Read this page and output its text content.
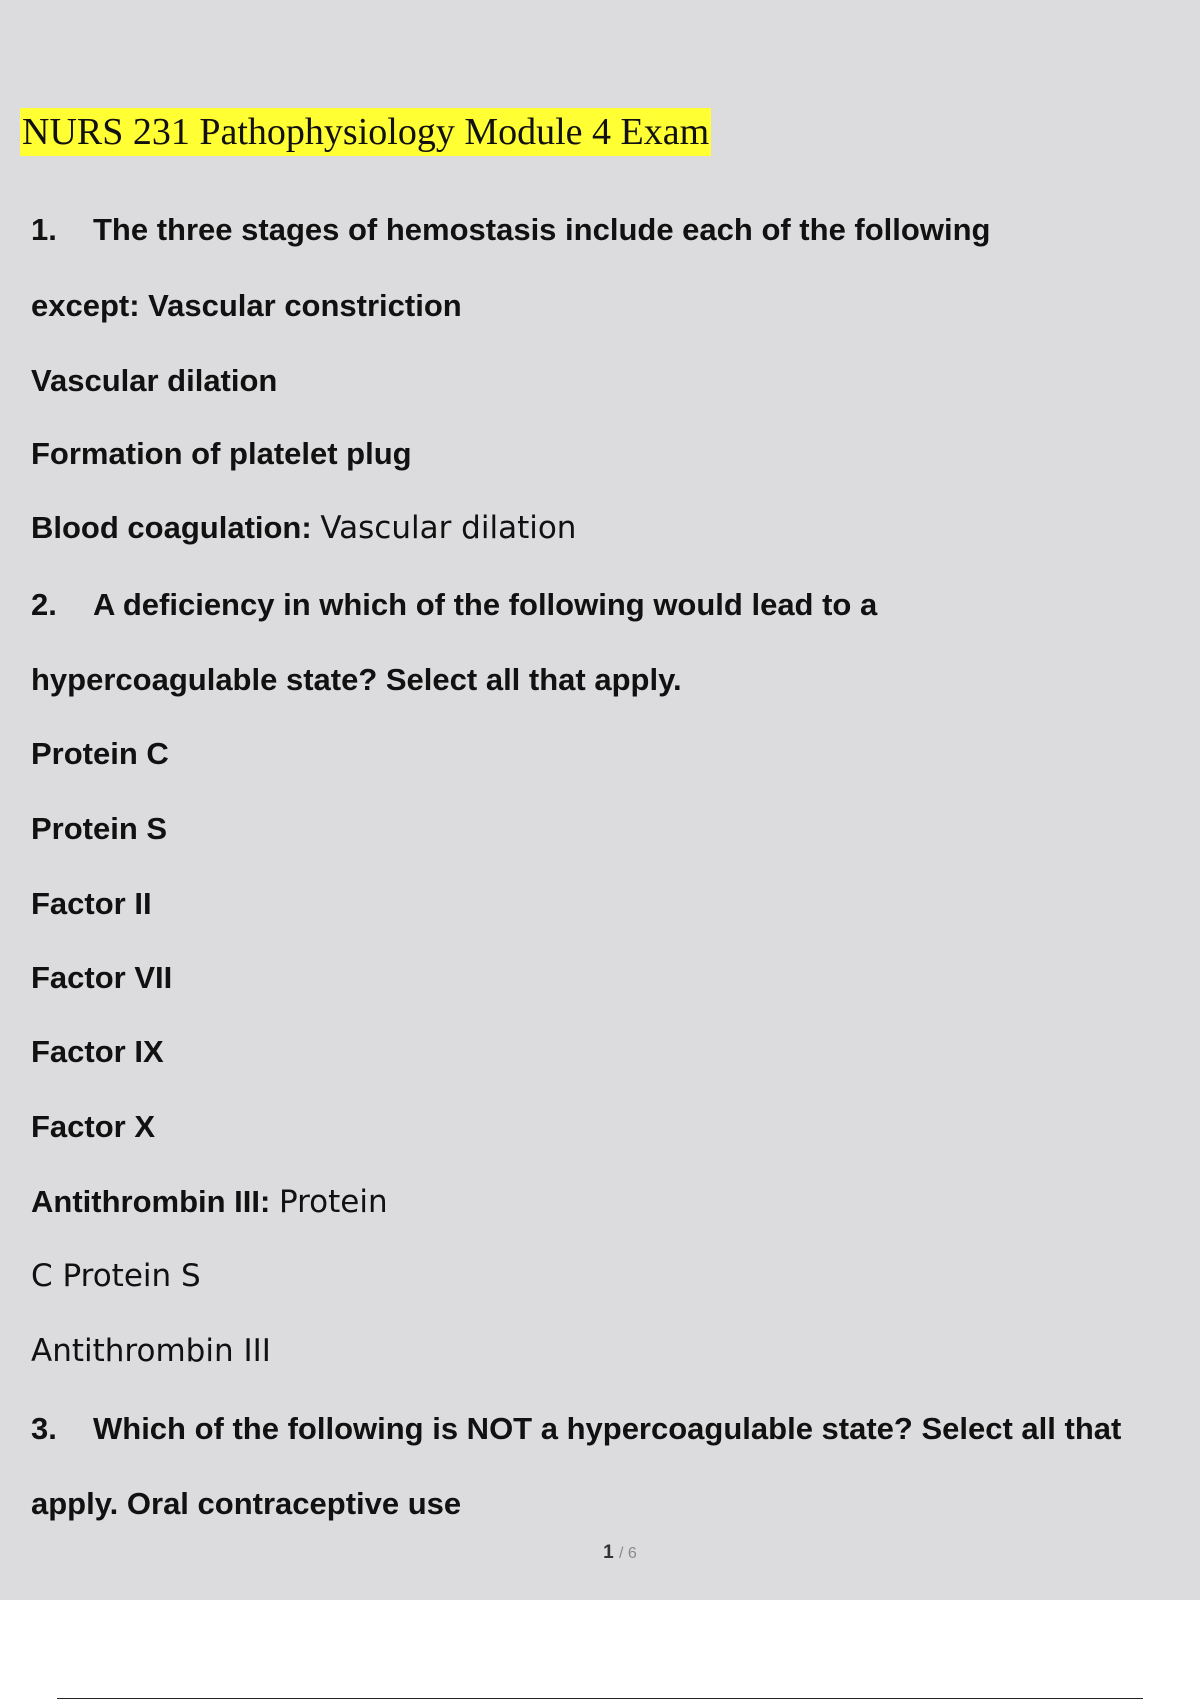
NURS 231 Pathophysiology Module 4 Exam

1. The three stages of hemostasis include each of the following

except: Vascular constriction

Vascular dilation

Formation of platelet plug

Blood coagulation: Vascular dilation

2. A deficiency in which of the following would lead to a

hypercoagulable state? Select all that apply.

Protein C

Protein S

Factor II

Factor VII

Factor IX

Factor X

Antithrombin III: Protein

C Protein S

Antithrombin III

3. Which of the following is NOT a hypercoagulable state? Select all that

apply. Oral contraceptive use

1 / 6
